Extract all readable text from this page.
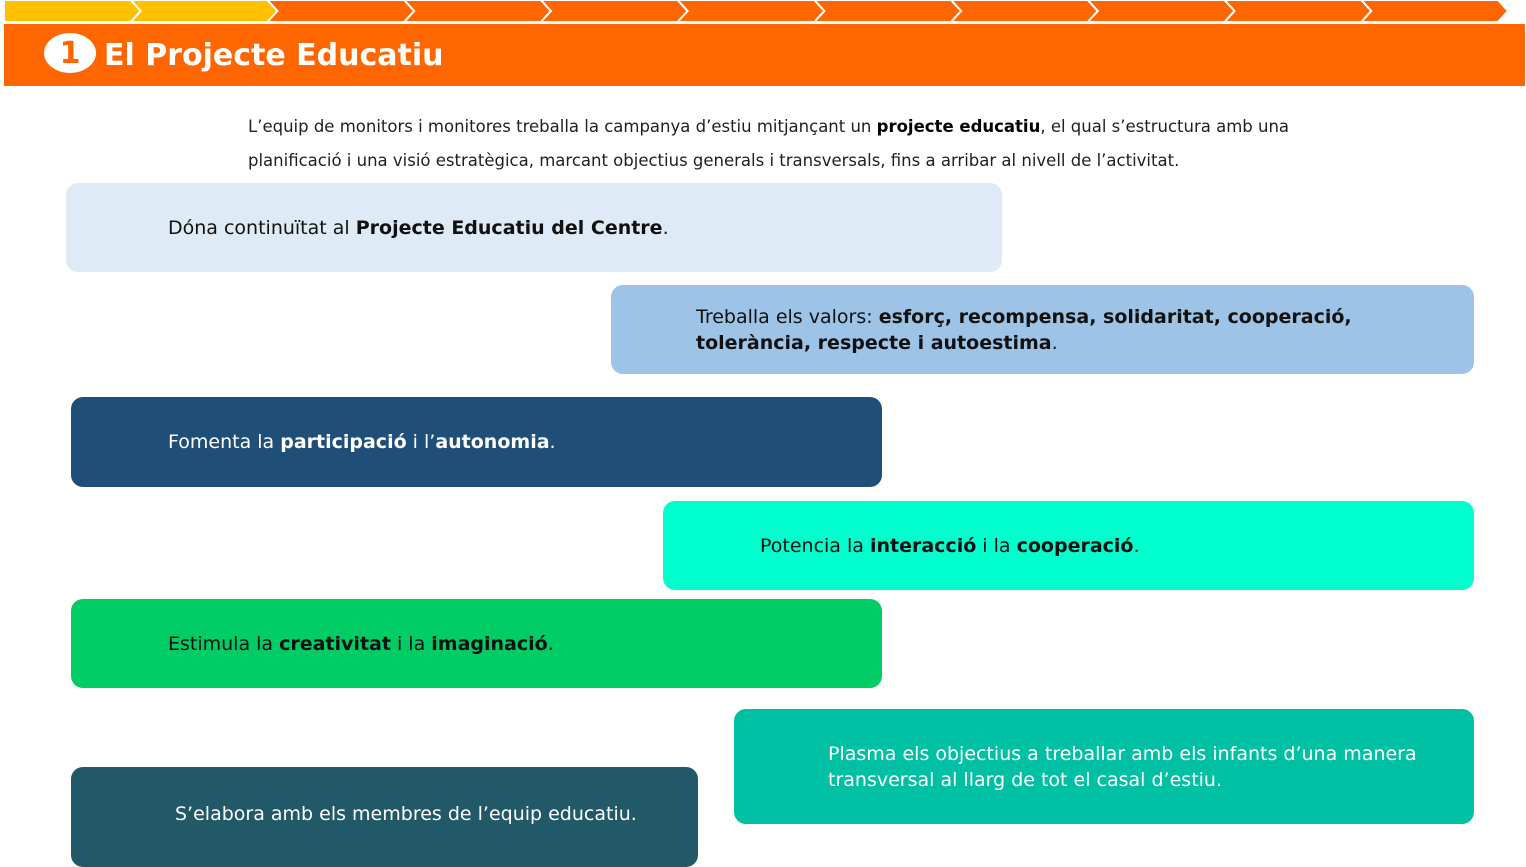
1 El Projecte Educatiu

L’equip de monitors i monitores treballa la campanya d’estiu mitjançant un projecte educatiu, el qual s’estructura amb una planificació i una visió estratègica, marcant objectius generals i transversals, fins a arribar al nivell de l’activitat.

Dóna continuïtat al Projecte Educatiu del Centre.
Treballa els valors: esforç, recompensa, solidaritat, cooperació, tolerància, respecte i autoestima.
Fomenta la participació i l’autonomia.
Potencia la interacció i la cooperació.
Estimula la creativitat i la imaginació.
Plasma els objectius a treballar amb els infants d’una manera transversal al llarg de tot el casal d’estiu.
S’elabora amb els membres de l’equip educatiu.
